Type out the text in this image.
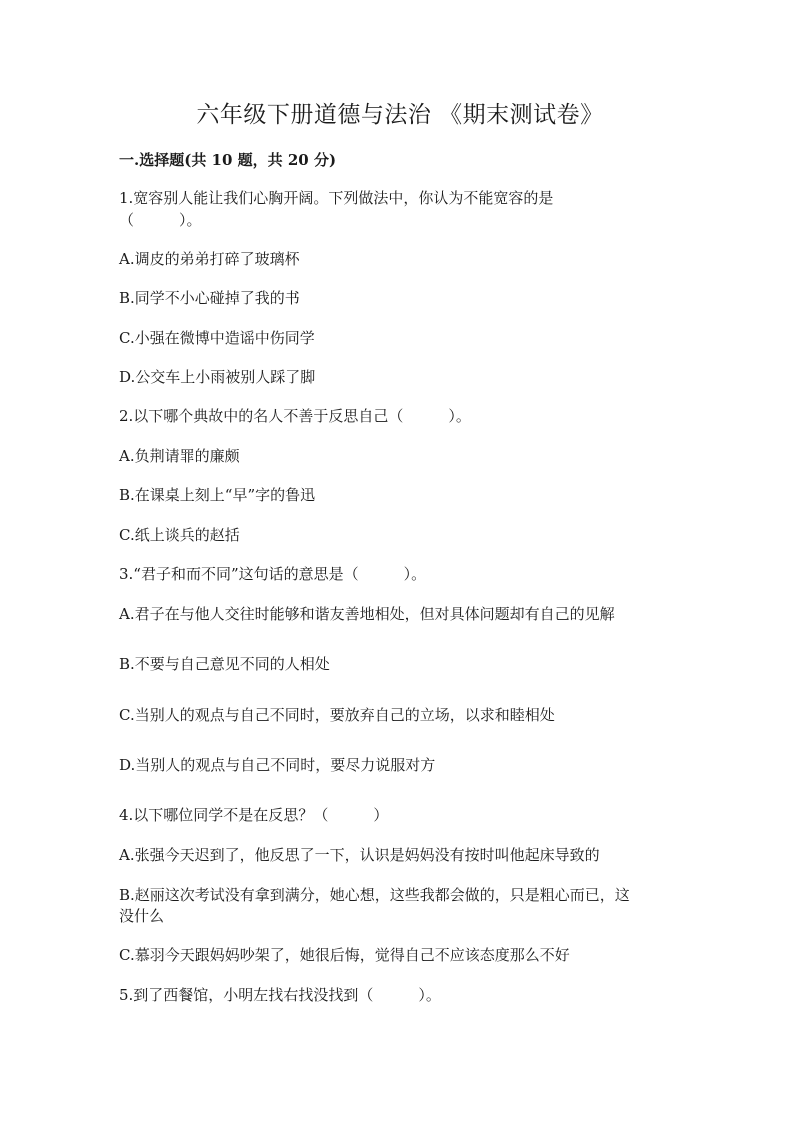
六年级下册道德与法治 《期末测试卷》
一.选择题(共 10 题，共 20 分)
1.宽容别人能让我们心胸开阔。下列做法中，你认为不能宽容的是
（　　　）。
A.调皮的弟弟打碎了玻璃杯
B.同学不小心碰掉了我的书
C.小强在微博中造谣中伤同学
D.公交车上小雨被别人踩了脚
2.以下哪个典故中的名人不善于反思自己（　　　）。
A.负荆请罪的廉颇
B.在课桌上刻上“早”字的鲁迅
C.纸上谈兵的赵括
3.“君子和而不同”这句话的意思是（　　　）。
A.君子在与他人交往时能够和谐友善地相处，但对具体问题却有自己的见解
B.不要与自己意见不同的人相处
C.当别人的观点与自己不同时，要放弃自己的立场，以求和睦相处
D.当别人的观点与自己不同时，要尽力说服对方
4.以下哪位同学不是在反思？（　　　）
A.张强今天迟到了，他反思了一下，认识是妈妈没有按时叫他起床导致的
B.赵丽这次考试没有拿到满分，她心想，这些我都会做的，只是粗心而已，这
没什么
C.慕羽今天跟妈妈吵架了，她很后悔，觉得自己不应该态度那么不好
5.到了西餐馆，小明左找右找没找到（　　　）。
